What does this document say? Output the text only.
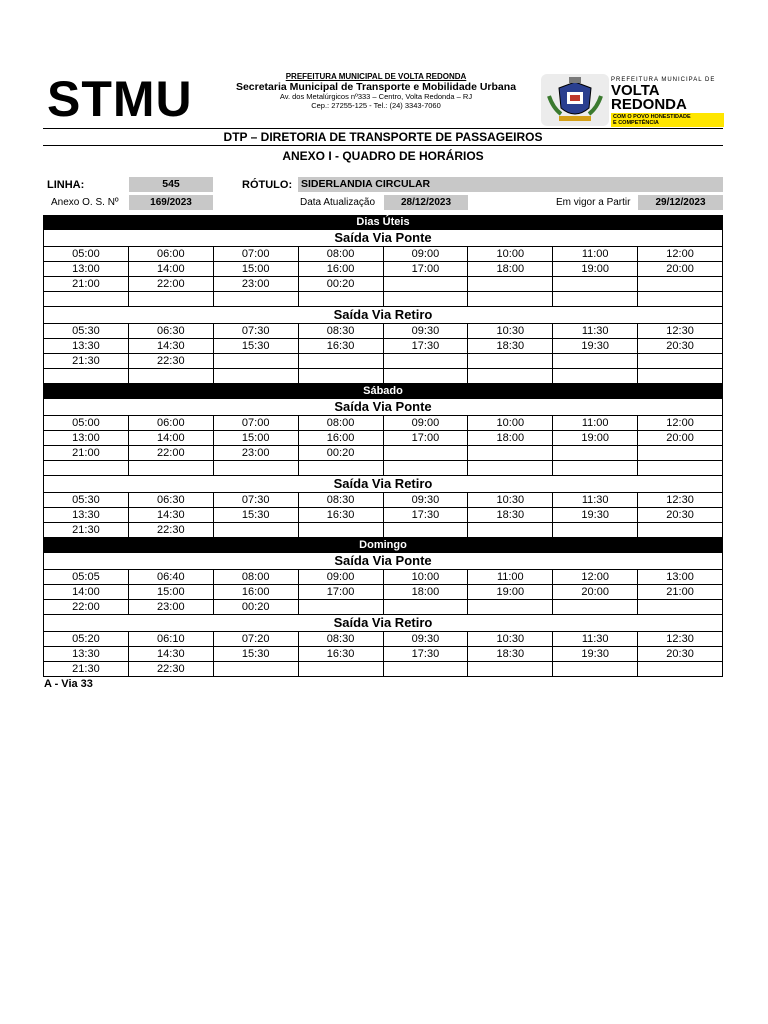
STMU	PREFEITURA MUNICIPAL DE VOLTA REDONDA
Secretaria Municipal de Transporte e Mobilidade Urbana
Av. dos Metalúrgicos nº333 – Centro, Volta Redonda – RJ
Cep.: 27255-125 - Tel.: (24) 3343-7060
PREFEITURA MUNICIPAL DE
VOLTA
REDONDA
COM O POVO HONESTIDADE
E COMPETÊNCIA
DTP – DIRETORIA DE TRANSPORTE DE PASSAGEIROS
ANEXO I - QUADRO DE HORÁRIOS
LINHA:	545	RÓTULO: SIDERLANDIA CIRCULAR
Anexo O. S. Nº	169/2023	Data Atualização	28/12/2023	Em vigor a Partir	29/12/2023
Dias Úteis
Saída Via Ponte
05:00	06:00	07:00	08:00	09:00	10:00	11:00	12:00
13:00	14:00	15:00	16:00	17:00	18:00	19:00	20:00
21:00	22:00	23:00	00:20				

Saída Via Retiro
05:30	06:30	07:30	08:30	09:30	10:30	11:30	12:30
13:30	14:30	15:30	16:30	17:30	18:30	19:30	20:30
21:30	22:30						

Sábado
Saída Via Ponte
05:00	06:00	07:00	08:00	09:00	10:00	11:00	12:00
13:00	14:00	15:00	16:00	17:00	18:00	19:00	20:00
21:00	22:00	23:00	00:20				

Saída Via Retiro
05:30	06:30	07:30	08:30	09:30	10:30	11:30	12:30
13:30	14:30	15:30	16:30	17:30	18:30	19:30	20:30
21:30	22:30						
Domingo
Saída Via Ponte
05:05	06:40	08:00	09:00	10:00	11:00	12:00	13:00
14:00	15:00	16:00	17:00	18:00	19:00	20:00	21:00
22:00	23:00	00:20					
Saída Via Retiro
05:20	06:10	07:20	08:30	09:30	10:30	11:30	12:30
13:30	14:30	15:30	16:30	17:30	18:30	19:30	20:30
21:30	22:30						
A - Via 33
